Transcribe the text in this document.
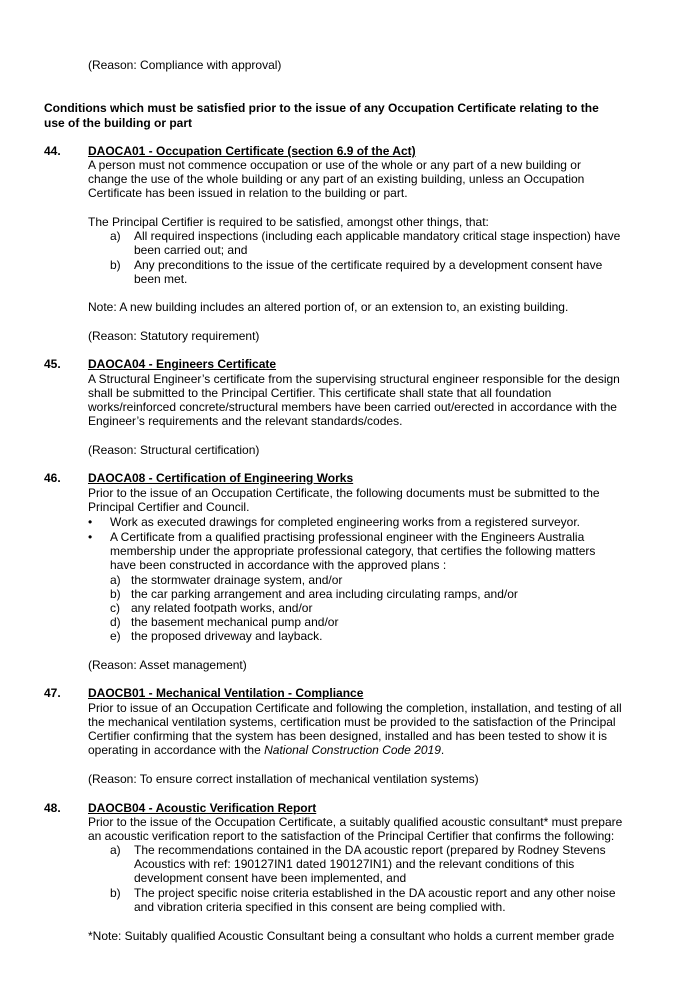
(Reason: Compliance with approval)
Conditions which must be satisfied prior to the issue of any Occupation Certificate relating to the
use of the building or part
44. DAOCA01 - Occupation Certificate (section 6.9 of the Act)
A person must not commence occupation or use of the whole or any part of a new building or
change the use of the whole building or any part of an existing building, unless an Occupation
Certificate has been issued in relation to the building or part.
The Principal Certifier is required to be satisfied, amongst other things, that:
a) All required inspections (including each applicable mandatory critical stage inspection) have
been carried out; and
b) Any preconditions to the issue of the certificate required by a development consent have
been met.
Note: A new building includes an altered portion of, or an extension to, an existing building.
(Reason: Statutory requirement)
45. DAOCA04 - Engineers Certificate
A Structural Engineer’s certificate from the supervising structural engineer responsible for the design
shall be submitted to the Principal Certifier. This certificate shall state that all foundation
works/reinforced concrete/structural members have been carried out/erected in accordance with the
Engineer’s requirements and the relevant standards/codes.
(Reason: Structural certification)
46. DAOCA08 - Certification of Engineering Works
Prior to the issue of an Occupation Certificate, the following documents must be submitted to the
Principal Certifier and Council.
• Work as executed drawings for completed engineering works from a registered surveyor.
• A Certificate from a qualified practising professional engineer with the Engineers Australia
membership under the appropriate professional category, that certifies the following matters
have been constructed in accordance with the approved plans :
a) the stormwater drainage system, and/or
b) the car parking arrangement and area including circulating ramps, and/or
c) any related footpath works, and/or
d) the basement mechanical pump and/or
e) the proposed driveway and layback.
(Reason: Asset management)
47. DAOCB01 - Mechanical Ventilation - Compliance
Prior to issue of an Occupation Certificate and following the completion, installation, and testing of all
the mechanical ventilation systems, certification must be provided to the satisfaction of the Principal
Certifier confirming that the system has been designed, installed and has been tested to show it is
operating in accordance with the National Construction Code 2019.
(Reason: To ensure correct installation of mechanical ventilation systems)
48. DAOCB04 - Acoustic Verification Report
Prior to the issue of the Occupation Certificate, a suitably qualified acoustic consultant* must prepare
an acoustic verification report to the satisfaction of the Principal Certifier that confirms the following:
a) The recommendations contained in the DA acoustic report (prepared by Rodney Stevens
Acoustics with ref: 190127IN1 dated 190127IN1) and the relevant conditions of this
development consent have been implemented, and
b) The project specific noise criteria established in the DA acoustic report and any other noise
and vibration criteria specified in this consent are being complied with.
*Note: Suitably qualified Acoustic Consultant being a consultant who holds a current member grade
